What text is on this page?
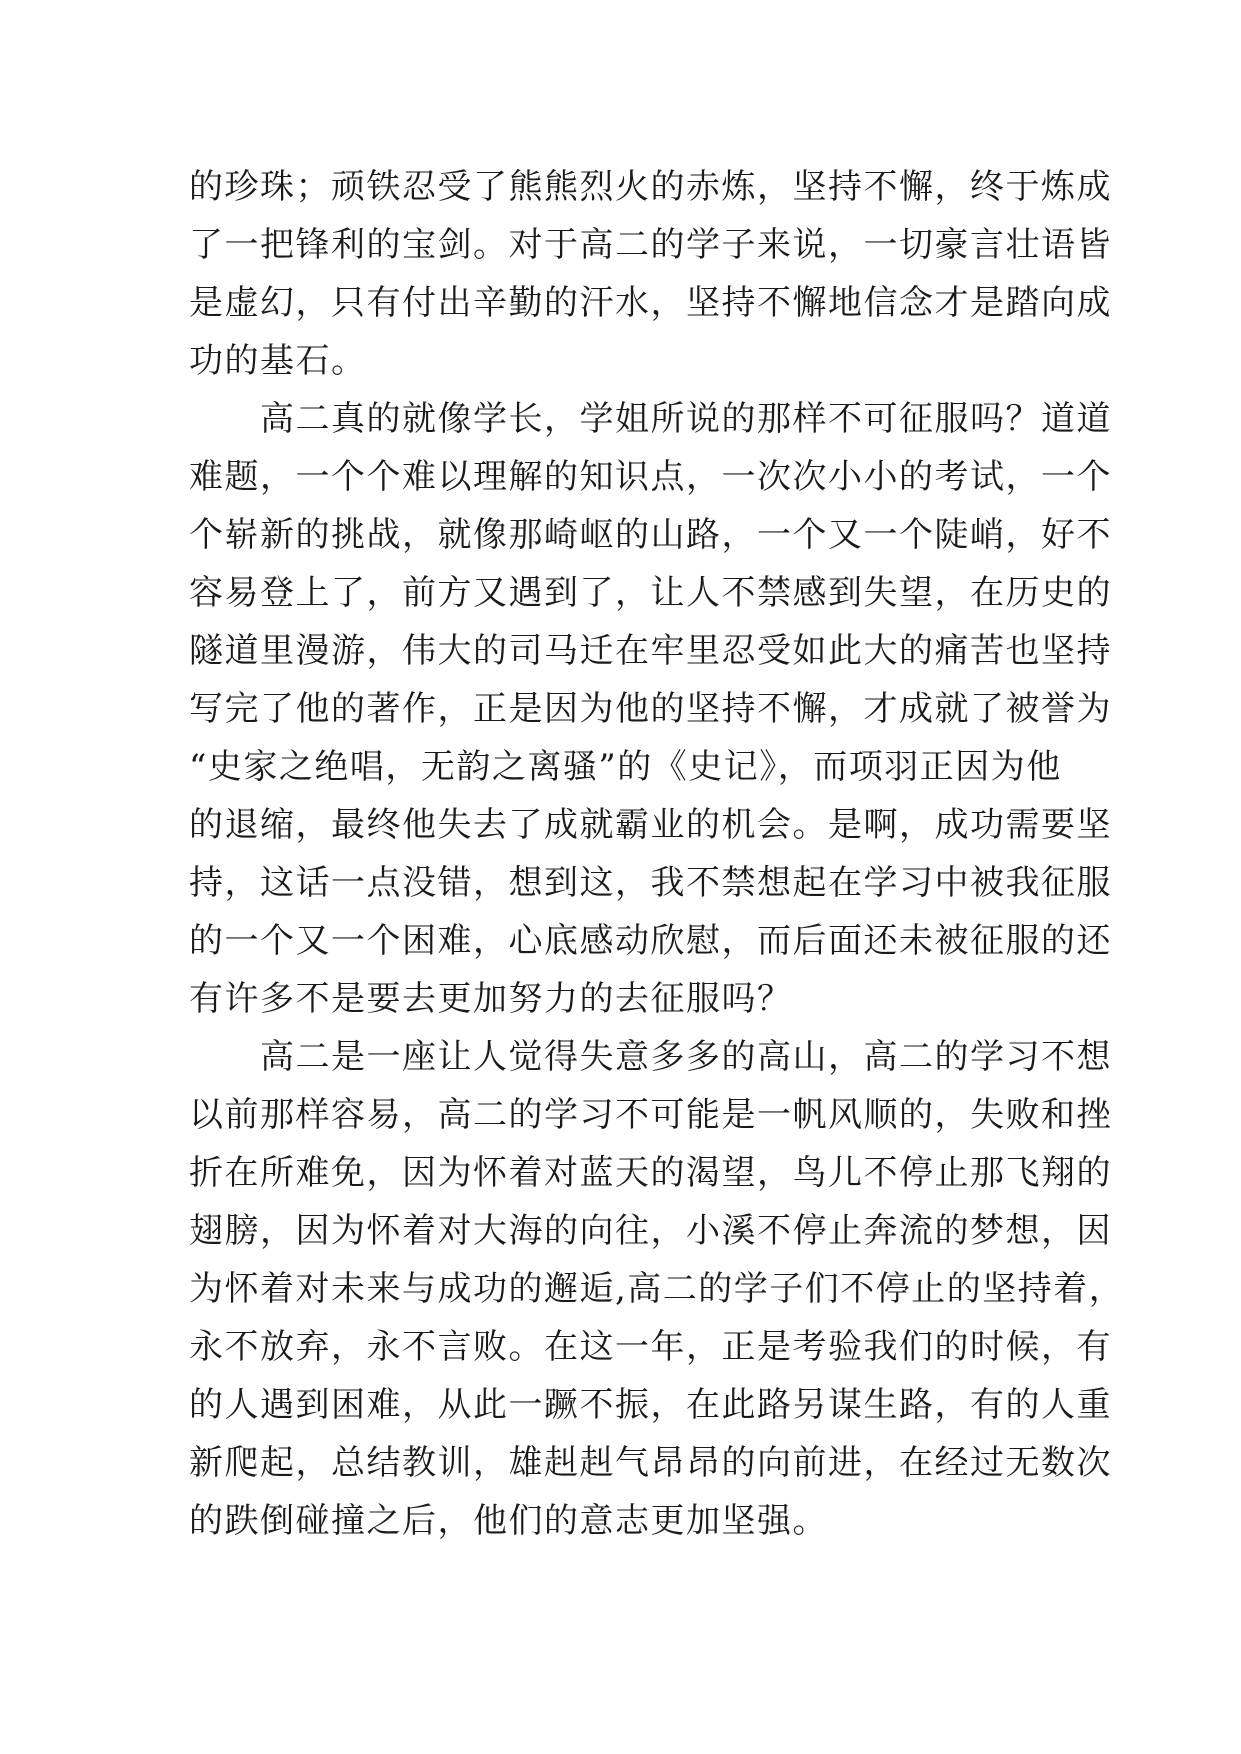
的珍珠；顽铁忍受了熊熊烈火的赤炼，坚持不懈，终于炼成
了一把锋利的宝剑。对于高二的学子来说，一切豪言壮语皆
是虚幻，只有付出辛勤的汗水，坚持不懈地信念才是踏向成
功的基石。
　　高二真的就像学长，学姐所说的那样不可征服吗？道道
难题，一个个难以理解的知识点，一次次小小的考试，一个
个崭新的挑战，就像那崎岖的山路，一个又一个陡峭，好不
容易登上了，前方又遇到了，让人不禁感到失望，在历史的
隧道里漫游，伟大的司马迁在牢里忍受如此大的痛苦也坚持
写完了他的著作，正是因为他的坚持不懈，才成就了被誉为
“史家之绝唱，无韵之离骚”的《史记》，而项羽正因为他
的退缩，最终他失去了成就霸业的机会。是啊，成功需要坚
持，这话一点没错，想到这，我不禁想起在学习中被我征服
的一个又一个困难，心底感动欣慰，而后面还未被征服的还
有许多不是要去更加努力的去征服吗？
　　高二是一座让人觉得失意多多的高山，高二的学习不想
以前那样容易，高二的学习不可能是一帆风顺的，失败和挫
折在所难免，因为怀着对蓝天的渴望，鸟儿不停止那飞翔的
翅膀，因为怀着对大海的向往，小溪不停止奔流的梦想，因
为怀着对未来与成功的邂逅,高二的学子们不停止的坚持着，
永不放弃，永不言败。在这一年，正是考验我们的时候，有
的人遇到困难，从此一蹶不振，在此路另谋生路，有的人重
新爬起，总结教训，雄赳赳气昂昂的向前进，在经过无数次
的跌倒碰撞之后，他们的意志更加坚强。
